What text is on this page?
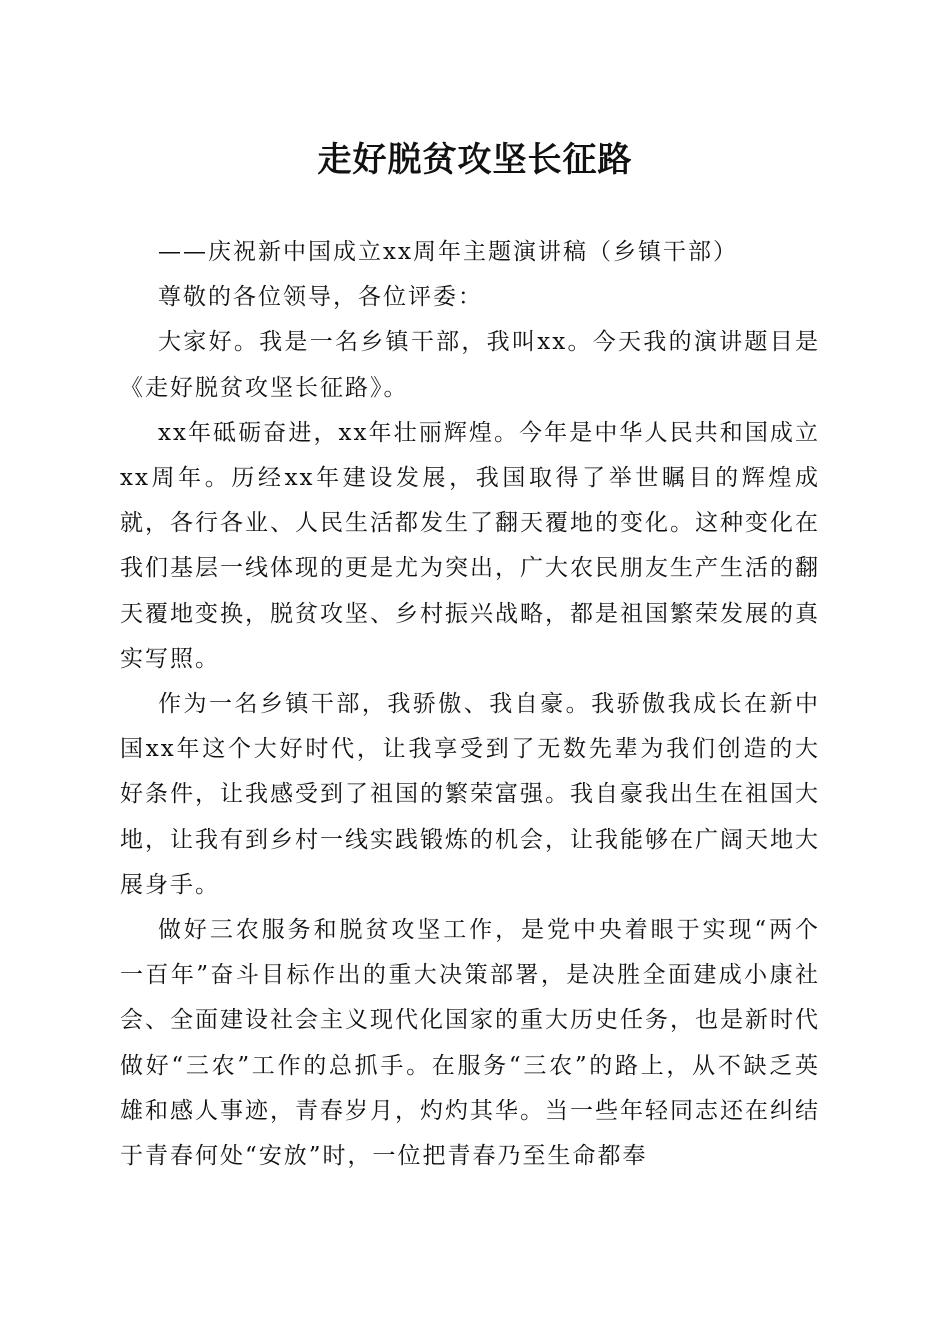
走好脱贫攻坚长征路

——庆祝新中国成立xx周年主题演讲稿（乡镇干部）

尊敬的各位领导，各位评委：

大家好。我是一名乡镇干部，我叫xx。今天我的演讲题目是《走好脱贫攻坚长征路》。

xx年砥砺奋进，xx年壮丽辉煌。今年是中华人民共和国成立xx周年。历经xx年建设发展，我国取得了举世瞩目的辉煌成就，各行各业、人民生活都发生了翻天覆地的变化。这种变化在我们基层一线体现的更是尤为突出，广大农民朋友生产生活的翻天覆地变换，脱贫攻坚、乡村振兴战略，都是祖国繁荣发展的真实写照。

作为一名乡镇干部，我骄傲、我自豪。我骄傲我成长在新中国xx年这个大好时代，让我享受到了无数先辈为我们创造的大好条件，让我感受到了祖国的繁荣富强。我自豪我出生在祖国大地，让我有到乡村一线实践锻炼的机会，让我能够在广阔天地大展身手。

做好三农服务和脱贫攻坚工作，是党中央着眼于实现“两个一百年”奋斗目标作出的重大决策部署，是决胜全面建成小康社会、全面建设社会主义现代化国家的重大历史任务，也是新时代做好“三农”工作的总抓手。在服务“三农”的路上，从不缺乏英雄和感人事迹，青春岁月，灼灼其华。当一些年轻同志还在纠结于青春何处“安放”时，一位把青春乃至生命都奉
